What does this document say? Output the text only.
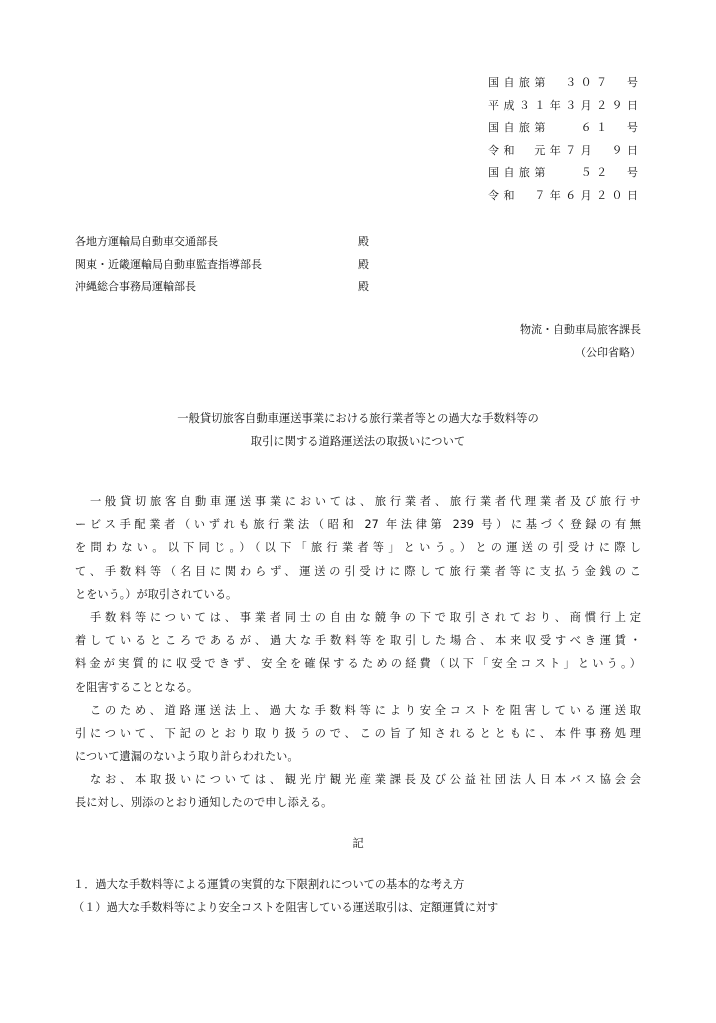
国自旅第　３０７　号
平成３１年３月２９日
国自旅第　　６１　号
令和　元年７月　９日
国自旅第　　５２　号
令和　７年６月２０日
各地方運輸局自動車交通部長	殿
関東・近畿運輸局自動車監査指導部長	殿
沖縄総合事務局運輸部長	殿
物流・自動車局旅客課長
（公印省略）
一般貸切旅客自動車運送事業における旅行業者等との過大な手数料等の
取引に関する道路運送法の取扱いについて
　一般貸切旅客自動車運送事業においては、旅行業者、旅行業者代理業者及び旅行サ
ービス手配業者（いずれも旅行業法（昭和 27 年法律第 239 号）に基づく登録の有無
を問わない。以下同じ。）（以下「旅行業者等」という。）との運送の引受けに際し
て、手数料等（名目に関わらず、運送の引受けに際して旅行業者等に支払う金銭のこ
とをいう。）が取引されている。
　手数料等については、事業者同士の自由な競争の下で取引されており、商慣行上定
着しているところであるが、過大な手数料等を取引した場合、本来収受すべき運賃・
料金が実質的に収受できず、安全を確保するための経費（以下「安全コスト」という。）
を阻害することとなる。
　このため、道路運送法上、過大な手数料等により安全コストを阻害している運送取
引について、下記のとおり取り扱うので、この旨了知されるとともに、本件事務処理
について遺漏のないよう取り計らわれたい。
　なお、本取扱いについては、観光庁観光産業課長及び公益社団法人日本バス協会会
長に対し、別添のとおり通知したので申し添える。
記
１．過大な手数料等による運賃の実質的な下限割れについての基本的な考え方
（１）過大な手数料等により安全コストを阻害している運送取引は、定額運賃に対す
